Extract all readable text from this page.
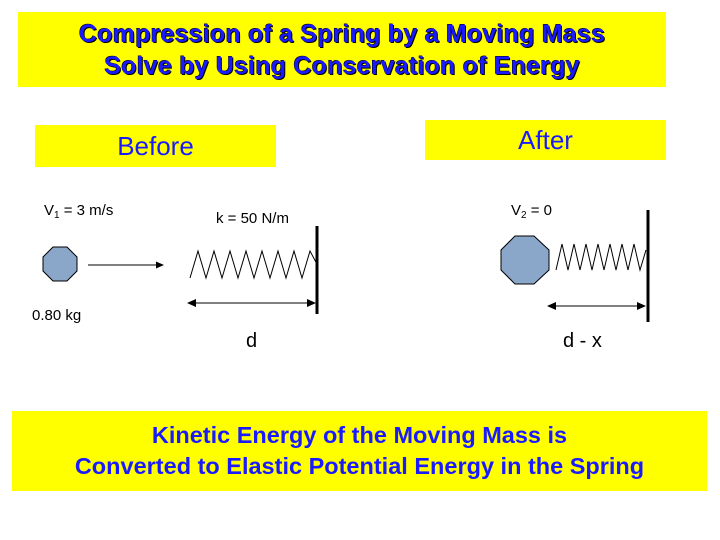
Compression of a Spring by a Moving Mass
Solve by Using Conservation of Energy
Before	After
$V_1 = 3$ m/s	k = 50 N/m
0.80 kg
d
$V_2 = 0$
d - x
Kinetic Energy of the Moving Mass is
Converted to Elastic Potential Energy in the Spring
